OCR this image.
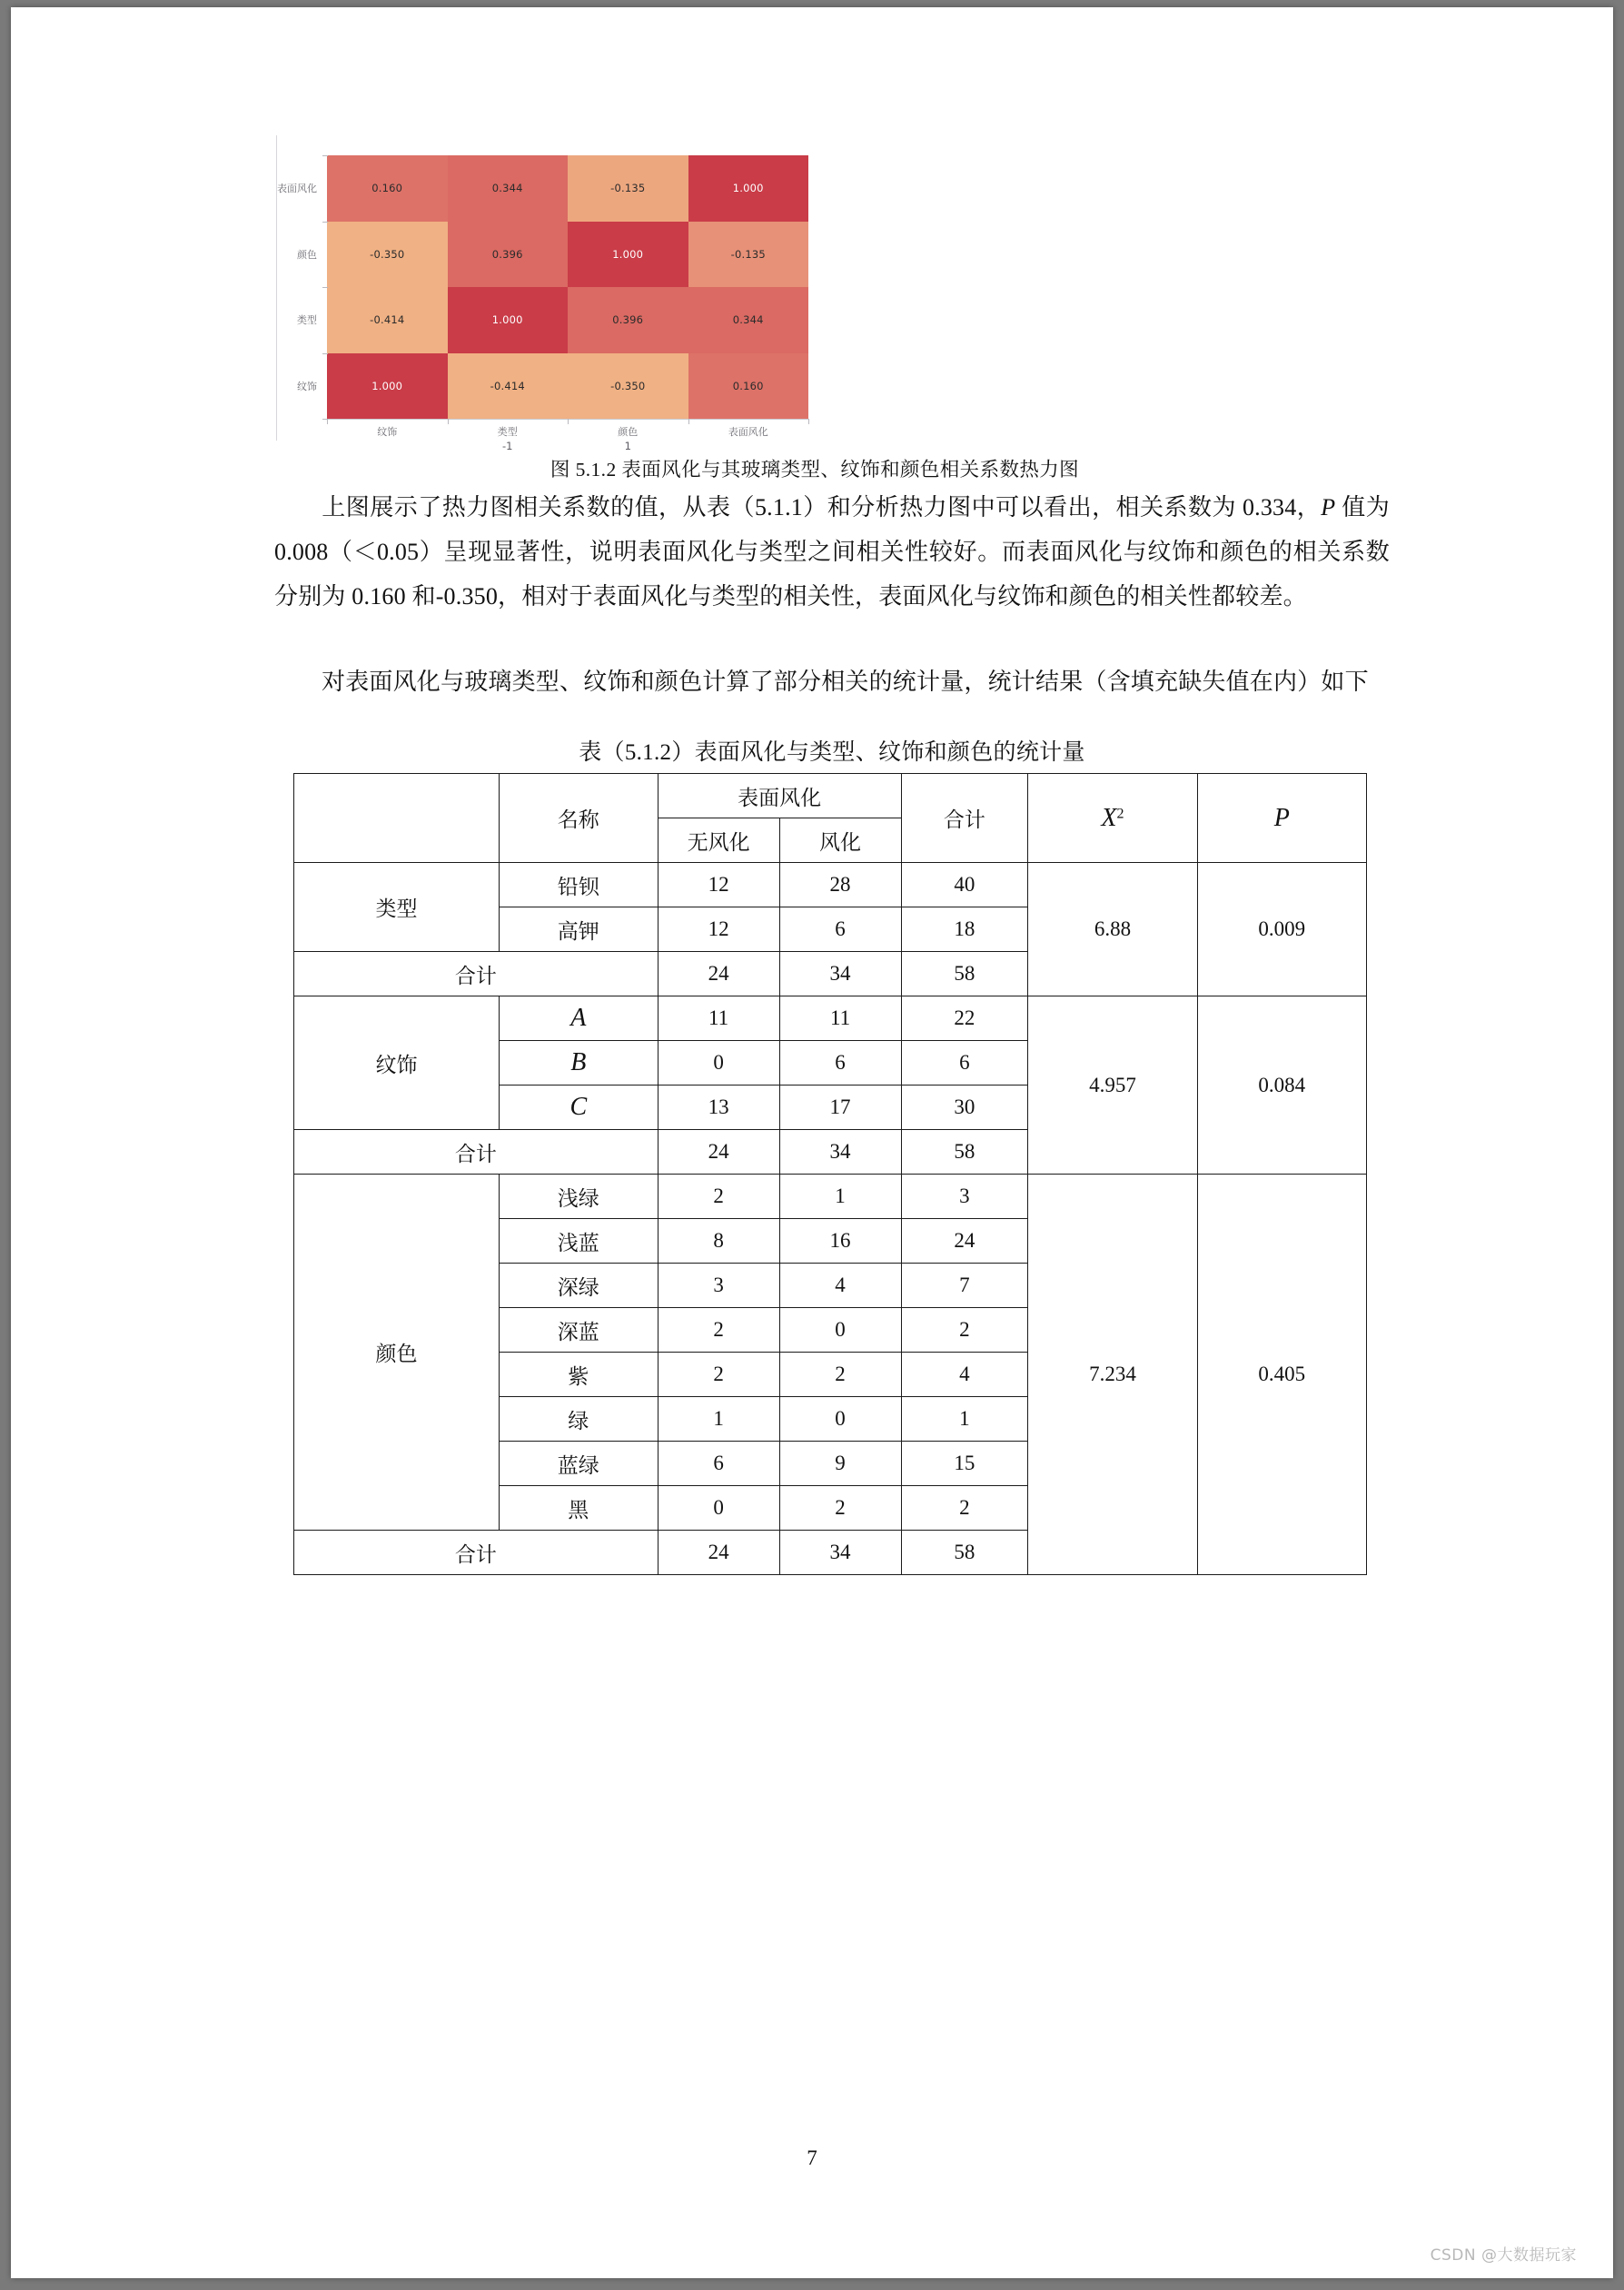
表面风化
颜色
类型
纹饰
0.160	0.344	-0.135	1.000
-0.350	0.396	1.000	-0.135
-0.414	1.000	0.396	0.344
1.000	-0.414	-0.350	0.160
纹饰	类型
-1
颜色
1
表面风化
图 5.1.2 表面风化与其玻璃类型、纹饰和颜色相关系数热力图
上图展示了热力图相关系数的值，从表（5.1.1）和分析热力图中可以看出，相关系数为 0.334，P 值为 0.008（＜0.05）呈现显著性，说明表面风化与类型之间相关性较好。而表面风化与纹饰和颜色的相关系数分别为 0.160 和-0.350，相对于表面风化与类型的相关性，表面风化与纹饰和颜色的相关性都较差。
对表面风化与玻璃类型、纹饰和颜色计算了部分相关的统计量，统计结果（含填充缺失值在内）如下
表（5.1.2）表面风化与类型、纹饰和颜色的统计量
	名称	表面风化		合计	$X^2$	P
		无风化	风化			
类型	铅钡	12	28	40	6.88	0.009
	高钾	12	6	18		
合计		24	34	58		
纹饰	A	11	11	22	4.957	0.084
	B	0	6	6		
	C	13	17	30		
合计		24	34	58		
颜色	浅绿	2	1	3	7.234	0.405
	浅蓝	8	16	24		
	深绿	3	4	7		
	深蓝	2	0	2		
	紫	2	2	4		
	绿	1	0	1		
	蓝绿	6	9	15		
	黑	0	2	2		
合计		24	34	58		
7
CSDN @大数据玩家
